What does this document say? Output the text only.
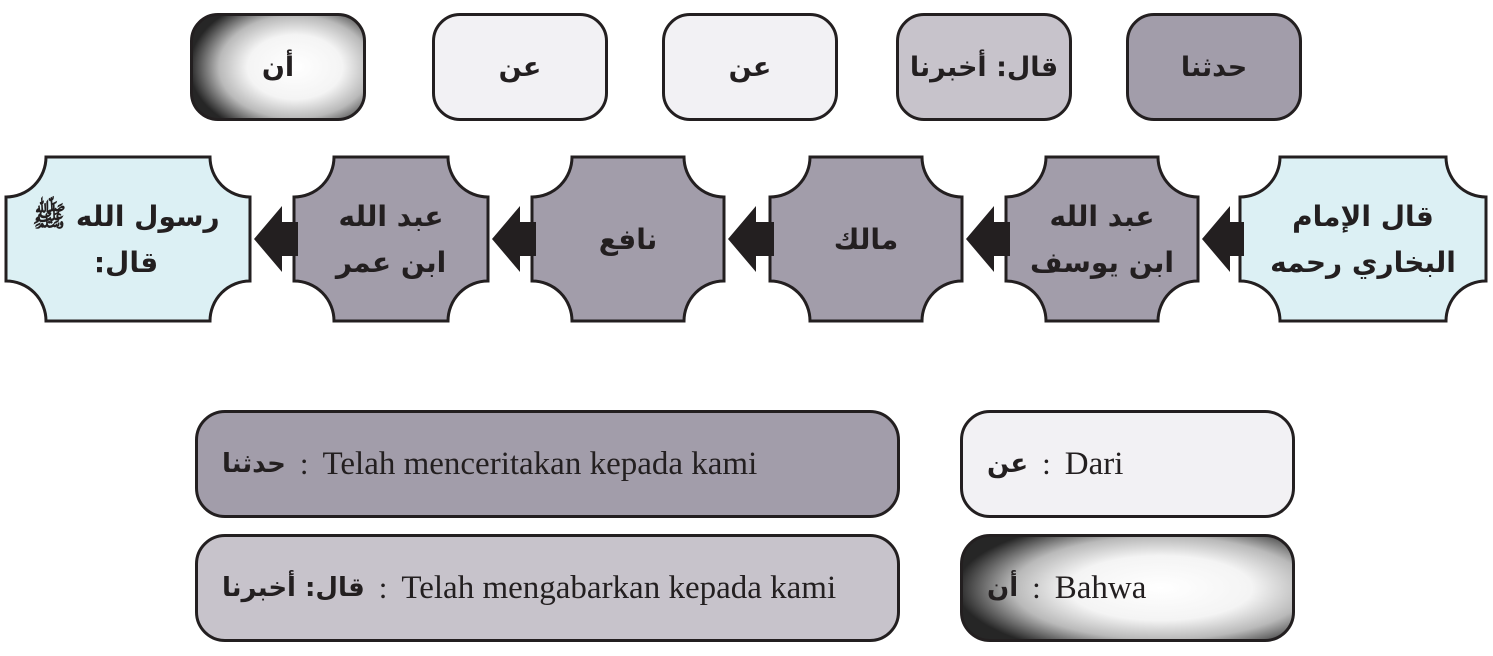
أن	عن	عن	قال: أخبرنا	حدثنا
رسول الله ﷺ
قال:
عبد الله
ابن عمر
نافع	مالك
عبد الله
ابن يوسف
قال الإمام
البخاري رحمه
حدثنا : Telah menceritakan kepada kami	عن : Dari
قال: أخبرنا : Telah mengabarkan kepada kami	أن : Bahwa
